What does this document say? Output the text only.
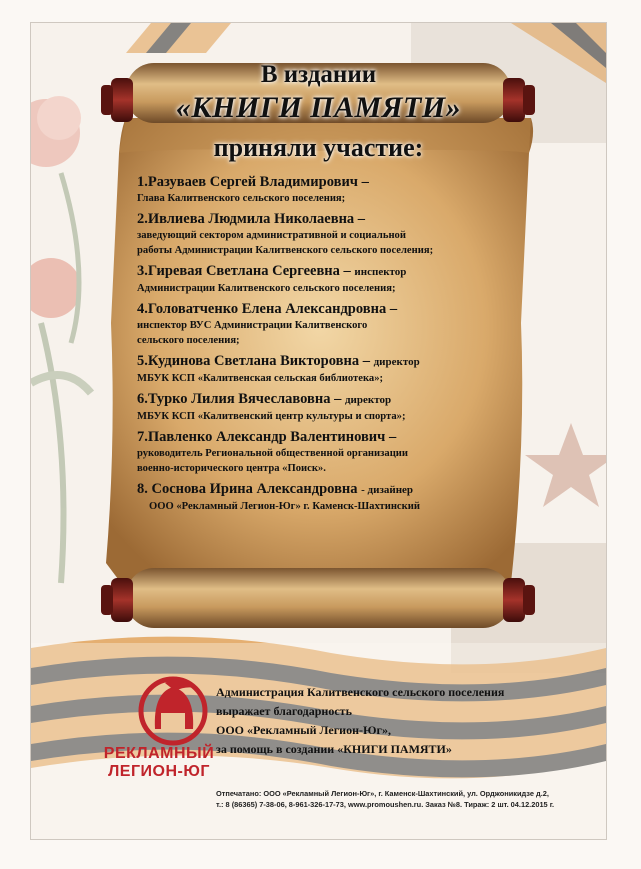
В издании
«КНИГИ ПАМЯТИ»
приняли участие:
1.Разуваев Сергей Владимирович –
Глава Калитвенского сельского поселения;
2.Ивлиева Людмила Николаевна –
заведующий сектором административной и социальной
работы Администрации Калитвенского сельского поселения;
3.Гиревая Светлана Сергеевна – инспектор
Администрации Калитвенского сельского поселения;
4.Головатченко Елена Александровна –
инспектор ВУС Администрации Калитвенского
сельского поселения;
5.Кудинова Светлана Викторовна – директор
МБУК КСП «Калитвенская сельская библиотека»;
6.Турко Лилия Вячеславовна – директор
МБУК КСП «Калитвенский центр культуры и спорта»;
7.Павленко Александр Валентинович –
руководитель Региональной общественной организации
военно-исторического центра «Поиск».
8. Соснова Ирина Александровна - дизайнер
ООО «Рекламный Легион-Юг» г. Каменск-Шахтинский
РЕКЛАМНЫЙ
ЛЕГИОН-ЮГ
Администрация Калитвенского сельского поселения
выражает благодарность
ООО «Рекламный Легион-Юг»,
за помощь в создании «КНИГИ ПАМЯТИ»
Отпечатано: ООО «Рекламный Легион-Юг», г. Каменск-Шахтинский, ул. Орджоникидзе д.2,
т.: 8 (86365) 7-38-06, 8-961-326-17-73, www.promoushen.ru. Заказ №8. Тираж: 2 шт. 04.12.2015 г.
